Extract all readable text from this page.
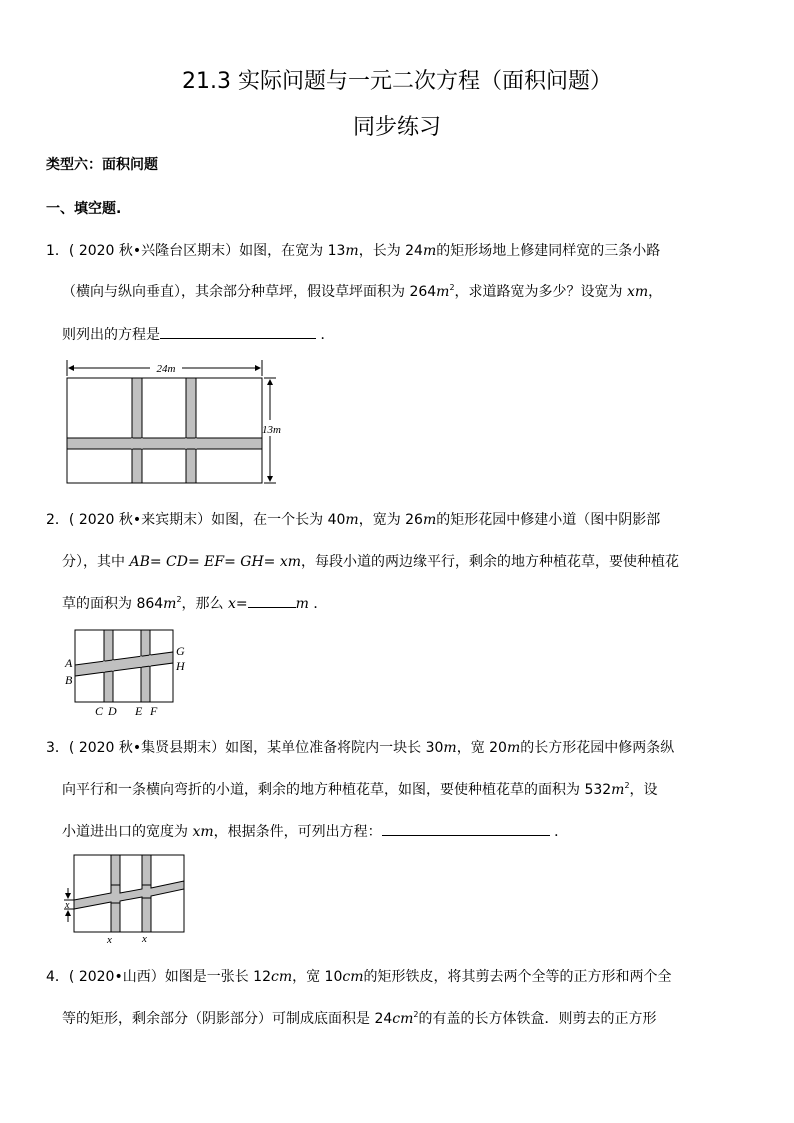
21.3 实际问题与一元二次方程（面积问题）
同步练习
类型六：面积问题
一、填空题.
1．( 2020 秋•兴隆台区期末）如图，在宽为 13m，长为 24m的矩形场地上修建同样宽的三条小路
（横向与纵向垂直），其余部分种草坪，假设草坪面积为 $264m^2$，求道路宽为多少？设宽为 xm，
则列出的方程是	．
24m
13m
2．( 2020 秋•来宾期末）如图，在一个长为 40m，宽为 26m的矩形花园中修建小道（图中阴影部
分），其中 AB= CD= EF= GH= xm，每段小道的两边缘平行，剩余的地方种植花草，要使种植花
草的面积为 $864m^2$，那么 x=	m ．
A
B
C D E F
G
H
3．( 2020 秋•集贤县期末）如图，某单位准备将院内一块长 30m，宽 20m的长方形花园中修两条纵
向平行和一条横向弯折的小道，剩余的地方种植花草，如图，要使种植花草的面积为 $532m^2$，设
小道进出口的宽度为 xm，根据条件，可列出方程：	．
x
x	x
4．( 2020•山西）如图是一张长 12cm，宽 10cm的矩形铁皮，将其剪去两个全等的正方形和两个全
等的矩形，剩余部分（阴影部分）可制成底面积是 $24cm^2$的有盖的长方体铁盒．则剪去的正方形
